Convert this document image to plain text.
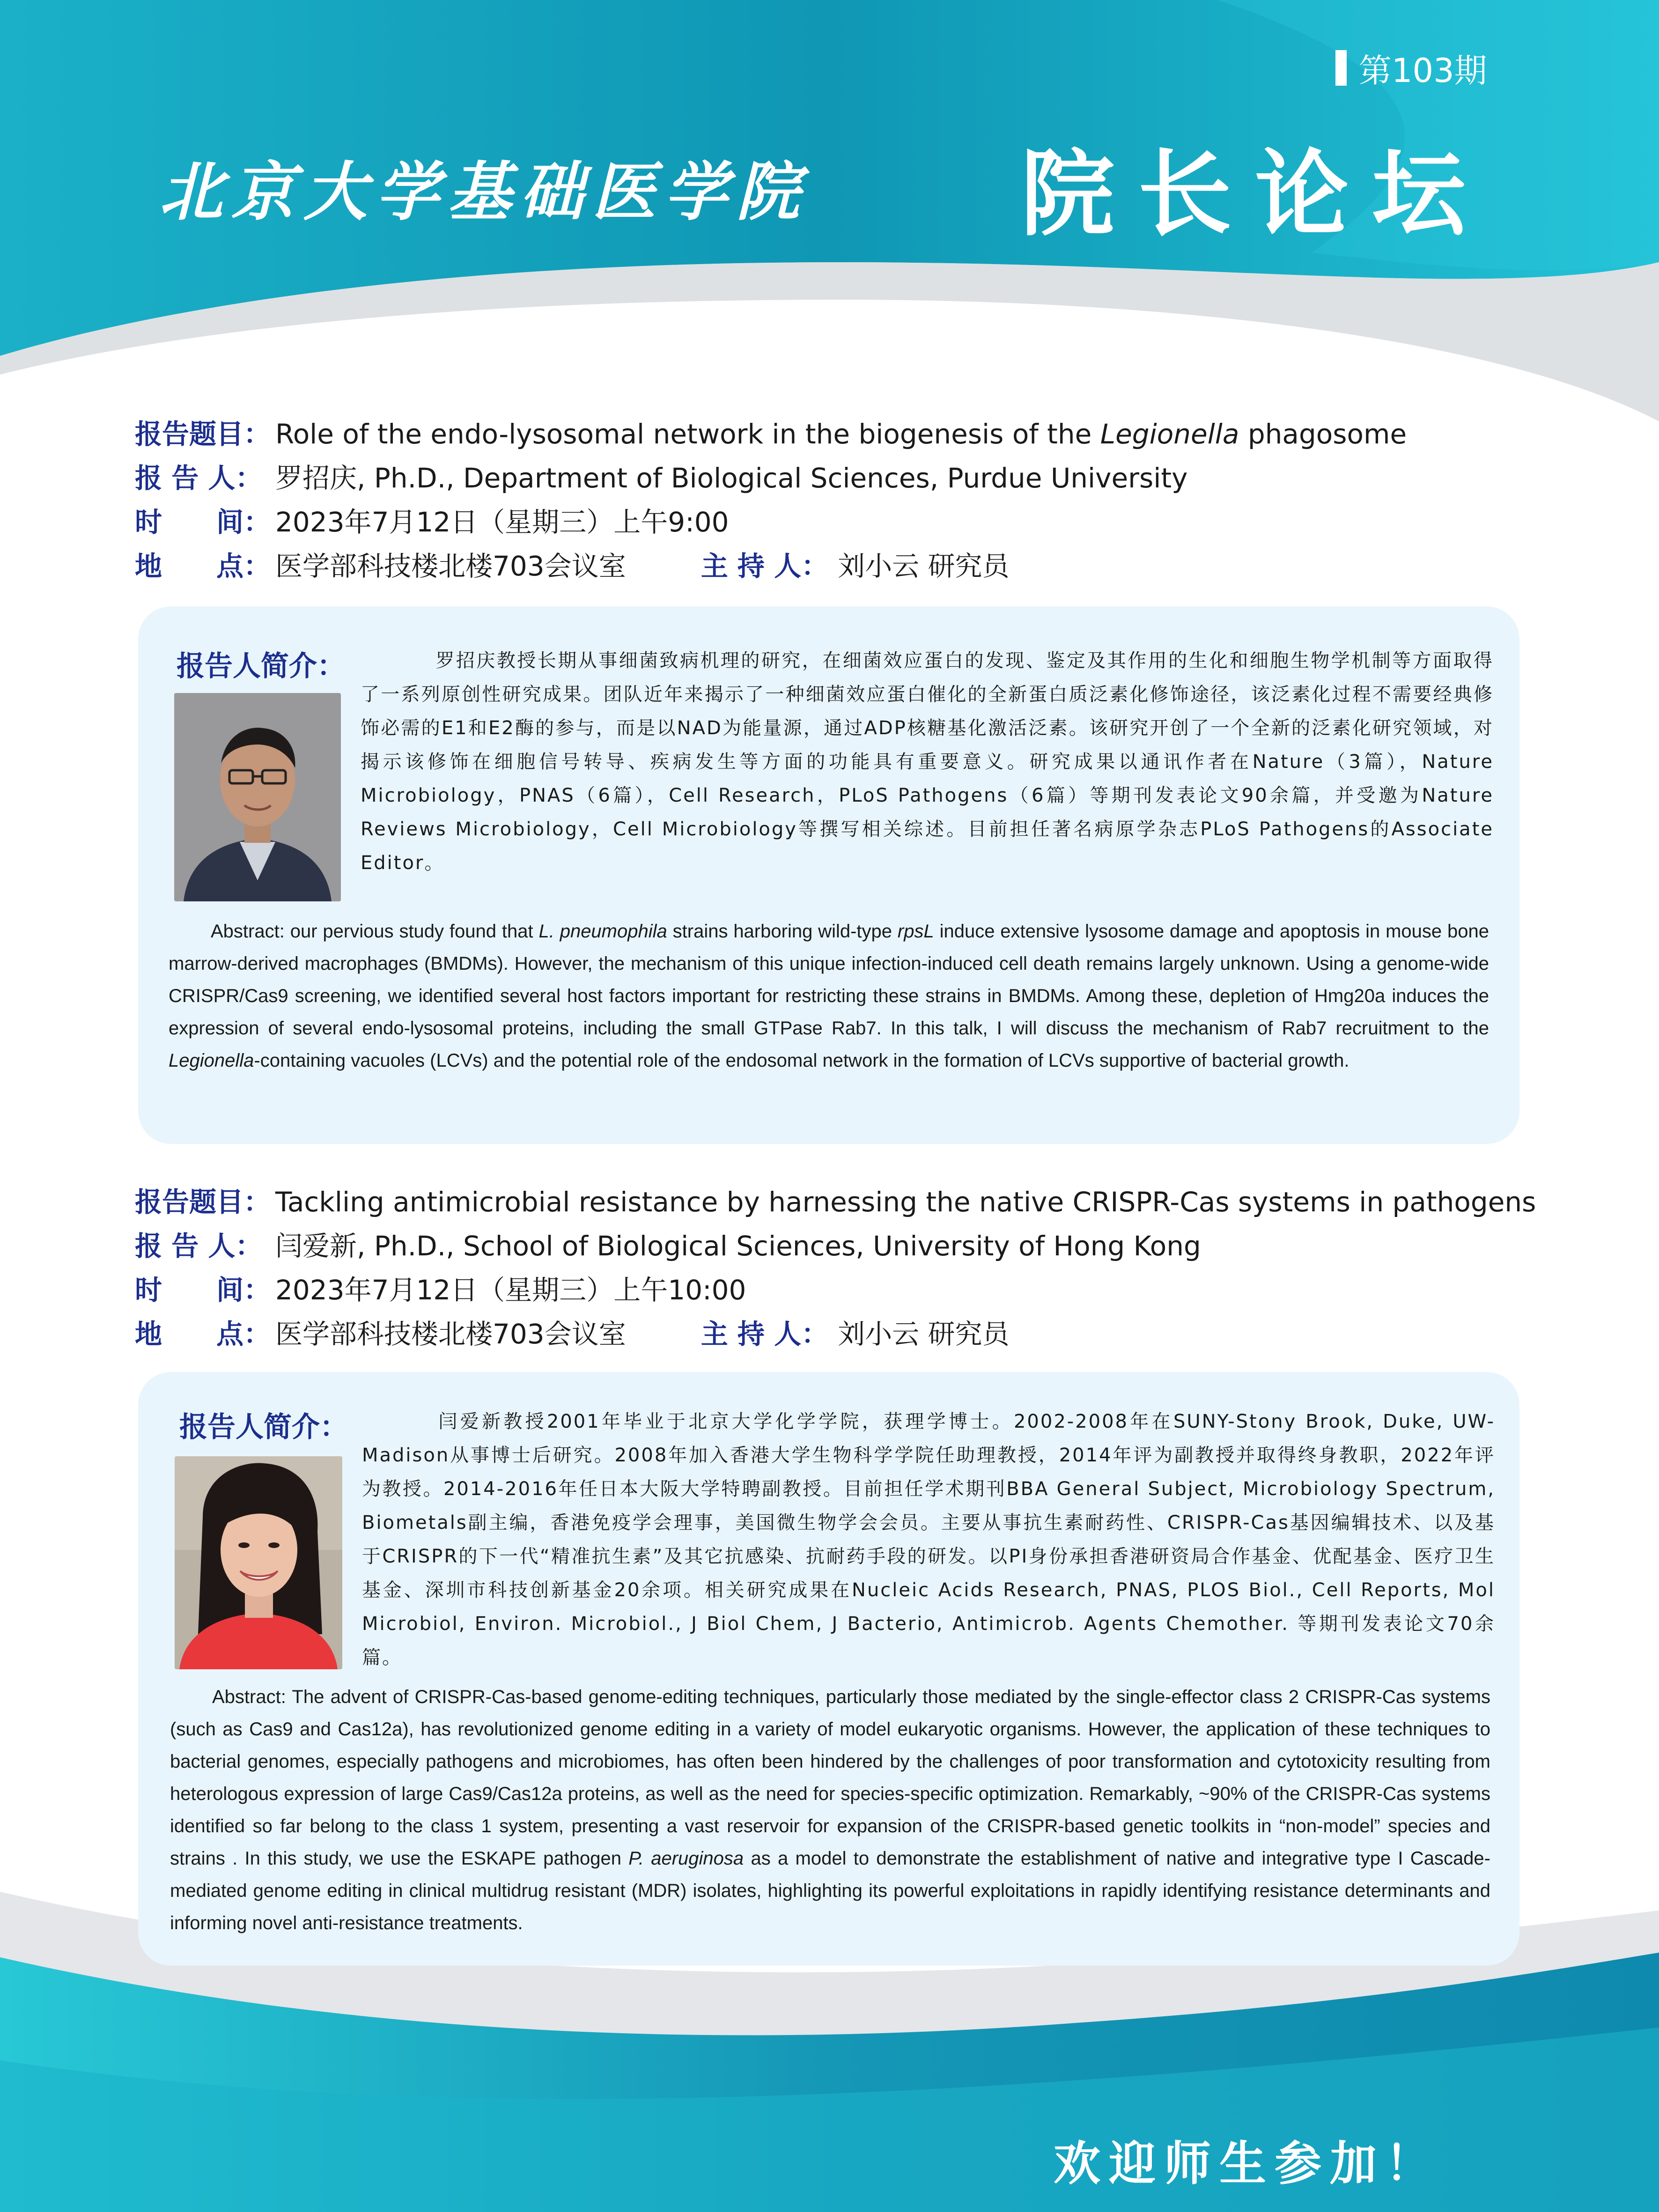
第103期
北京大学基础医学院 院长论坛
报告题目： Role of the endo-lysosomal network in the biogenesis of the Legionella phagosome
报 告 人： 罗招庆, Ph.D., Department of Biological Sciences, Purdue University
时　　间： 2023年7月12日（星期三）上午9:00
地　　点： 医学部科技楼北楼703会议室	主 持 人： 刘小云 研究员
报告人简介：	罗招庆教授长期从事细菌致病机理的研究，在细菌效应蛋白的发现、鉴定及其作用的生化和细胞生物学机制等方面取得了一系列原创性研究成果。团队近年来揭示了一种细菌效应蛋白催化的全新蛋白质泛素化修饰途径，该泛素化过程不需要经典修饰必需的E1和E2酶的参与，而是以NAD为能量源，通过ADP核糖基化激活泛素。该研究开创了一个全新的泛素化研究领域，对揭示该修饰在细胞信号转导、疾病发生等方面的功能具有重要意义。研究成果以通讯作者在Nature（3篇），Nature Microbiology，PNAS（6篇），Cell Research，PLoS Pathogens（6篇）等期刊发表论文90余篇，并受邀为Nature Reviews Microbiology，Cell Microbiology等撰写相关综述。目前担任著名病原学杂志PLoS Pathogens的Associate Editor。
Abstract: our pervious study found that L. pneumophila strains harboring wild-type rpsL induce extensive lysosome damage and apoptosis in mouse bone marrow-derived macrophages (BMDMs). However, the mechanism of this unique infection-induced cell death remains largely unknown. Using a genome-wide CRISPR/Cas9 screening, we identified several host factors important for restricting these strains in BMDMs. Among these, depletion of Hmg20a induces the expression of several endo-lysosomal proteins, including the small GTPase Rab7. In this talk, I will discuss the mechanism of Rab7 recruitment to the Legionella-containing vacuoles (LCVs) and the potential role of the endosomal network in the formation of LCVs supportive of bacterial growth.
报告题目： Tackling antimicrobial resistance by harnessing the native CRISPR-Cas systems in pathogens
报 告 人： 闫爱新, Ph.D., School of Biological Sciences, University of Hong Kong
时　　间： 2023年7月12日（星期三）上午10:00
地　　点： 医学部科技楼北楼703会议室	主 持 人： 刘小云 研究员
报告人简介：	闫爱新教授2001年毕业于北京大学化学学院，获理学博士。2002-2008年在SUNY-Stony Brook, Duke, UW-Madison从事博士后研究。2008年加入香港大学生物科学学院任助理教授，2014年评为副教授并取得终身教职，2022年评为教授。2014-2016年任日本大阪大学特聘副教授。目前担任学术期刊BBA General Subject, Microbiology Spectrum, Biometals副主编，香港免疫学会理事，美国微生物学会会员。主要从事抗生素耐药性、CRISPR-Cas基因编辑技术、以及基于CRISPR的下一代“精准抗生素”及其它抗感染、抗耐药手段的研发。以PI身份承担香港研资局合作基金、优配基金、医疗卫生基金、深圳市科技创新基金20余项。相关研究成果在Nucleic Acids Research, PNAS, PLOS Biol., Cell Reports, Mol Microbiol, Environ. Microbiol., J Biol Chem, J Bacterio, Antimicrob. Agents Chemother. 等期刊发表论文70余篇。
Abstract: The advent of CRISPR-Cas-based genome-editing techniques, particularly those mediated by the single-effector class 2 CRISPR-Cas systems (such as Cas9 and Cas12a), has revolutionized genome editing in a variety of model eukaryotic organisms. However, the application of these techniques to bacterial genomes, especially pathogens and microbiomes, has often been hindered by the challenges of poor transformation and cytotoxicity resulting from heterologous expression of large Cas9/Cas12a proteins, as well as the need for species-specific optimization. Remarkably, ~90% of the CRISPR-Cas systems identified so far belong to the class 1 system, presenting a vast reservoir for expansion of the CRISPR-based genetic toolkits in “non-model” species and strains . In this study, we use the ESKAPE pathogen P. aeruginosa as a model to demonstrate the establishment of native and integrative type I Cascade-mediated genome editing in clinical multidrug resistant (MDR) isolates, highlighting its powerful exploitations in rapidly identifying resistance determinants and informing novel anti-resistance treatments.
欢迎师生参加！
